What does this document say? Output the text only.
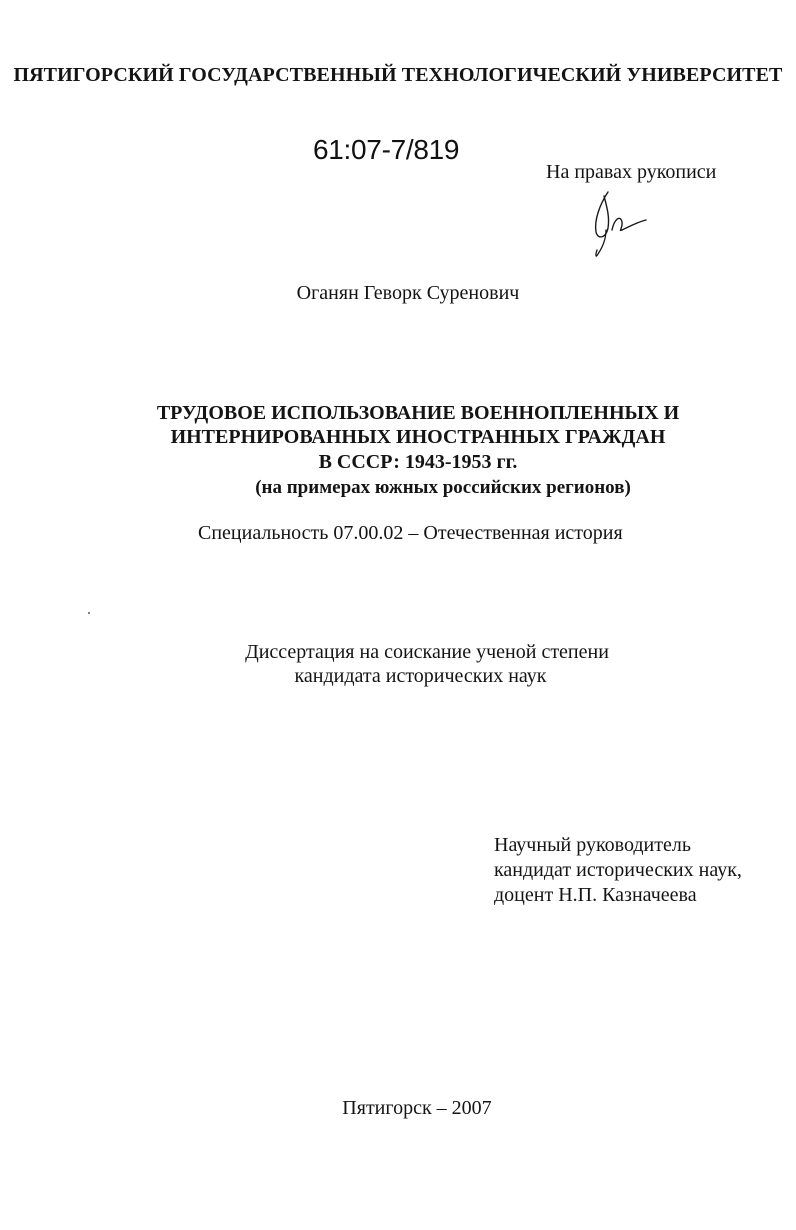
ПЯТИГОРСКИЙ ГОСУДАРСТВЕННЫЙ ТЕХНОЛОГИЧЕСКИЙ УНИВЕРСИТЕТ
61:07-7/819
На правах рукописи
Оганян Геворк Суренович
ТРУДОВОЕ ИСПОЛЬЗОВАНИЕ ВОЕННОПЛЕННЫХ И
ИНТЕРНИРОВАННЫХ ИНОСТРАННЫХ ГРАЖДАН
В СССР: 1943-1953 гг.
(на примерах южных российских регионов)
Специальность 07.00.02 – Отечественная история
Диссертация на соискание ученой степени
кандидата исторических наук
Научный руководитель
кандидат исторических наук,
доцент Н.П. Казначеева
Пятигорск – 2007
